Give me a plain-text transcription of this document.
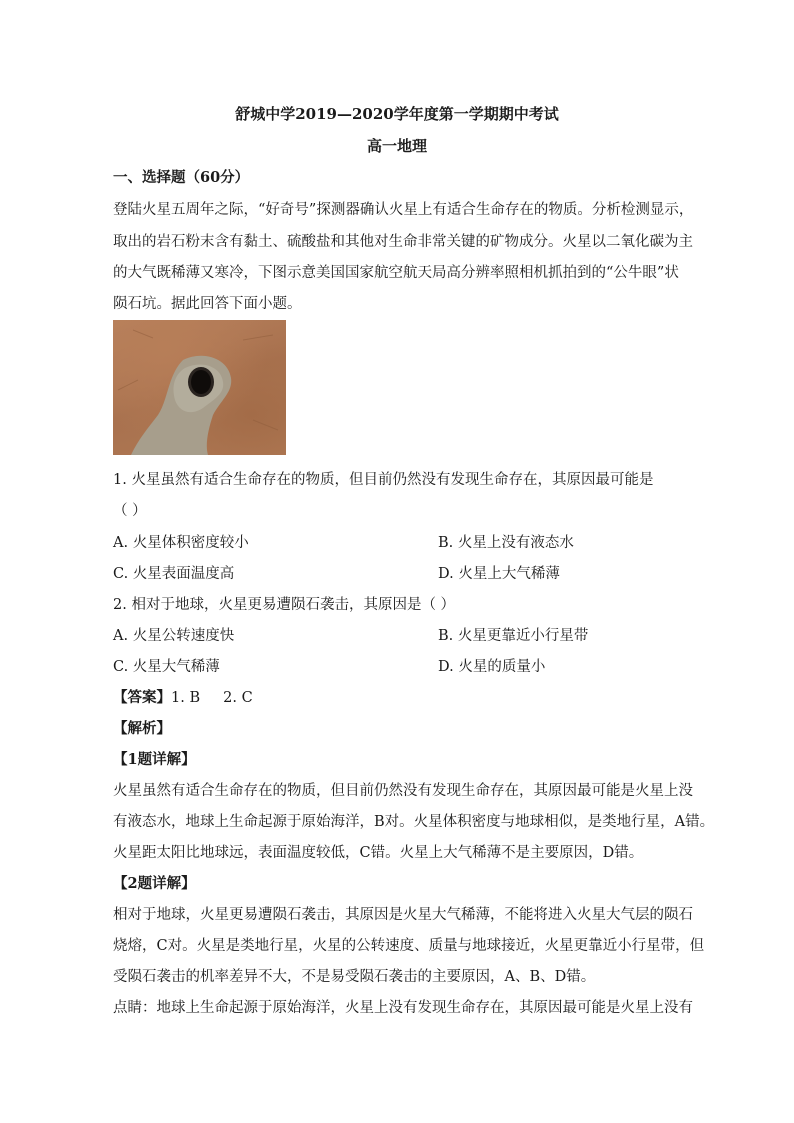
舒城中学2019—2020学年度第一学期期中考试
高一地理
一、选择题（60分）
登陆火星五周年之际，“好奇号”探测器确认火星上有适合生命存在的物质。分析检测显示，
取出的岩石粉末含有黏土、硫酸盐和其他对生命非常关键的矿物成分。火星以二氧化碳为主
的大气既稀薄又寒冷，下图示意美国国家航空航天局高分辨率照相机抓拍到的“公牛眼”状
陨石坑。据此回答下面小题。
1. 火星虽然有适合生命存在的物质，但目前仍然没有发现生命存在，其原因最可能是
（ ）
A. 火星体积密度较小	B. 火星上没有液态水
C. 火星表面温度高	D. 火星上大气稀薄
2. 相对于地球，火星更易遭陨石袭击，其原因是（ ）
A. 火星公转速度快	B. 火星更靠近小行星带
C. 火星大气稀薄	D. 火星的质量小
【答案】1. B     2. C
【解析】
【1题详解】
火星虽然有适合生命存在的物质，但目前仍然没有发现生命存在，其原因最可能是火星上没
有液态水，地球上生命起源于原始海洋，B对。火星体积密度与地球相似，是类地行星，A错。
火星距太阳比地球远，表面温度较低，C错。火星上大气稀薄不是主要原因，D错。
【2题详解】
相对于地球，火星更易遭陨石袭击，其原因是火星大气稀薄，不能将进入火星大气层的陨石
烧熔，C对。火星是类地行星，火星的公转速度、质量与地球接近，火星更靠近小行星带，但
受陨石袭击的机率差异不大，不是易受陨石袭击的主要原因，A、B、D错。
点睛：地球上生命起源于原始海洋，火星上没有发现生命存在，其原因最可能是火星上没有
